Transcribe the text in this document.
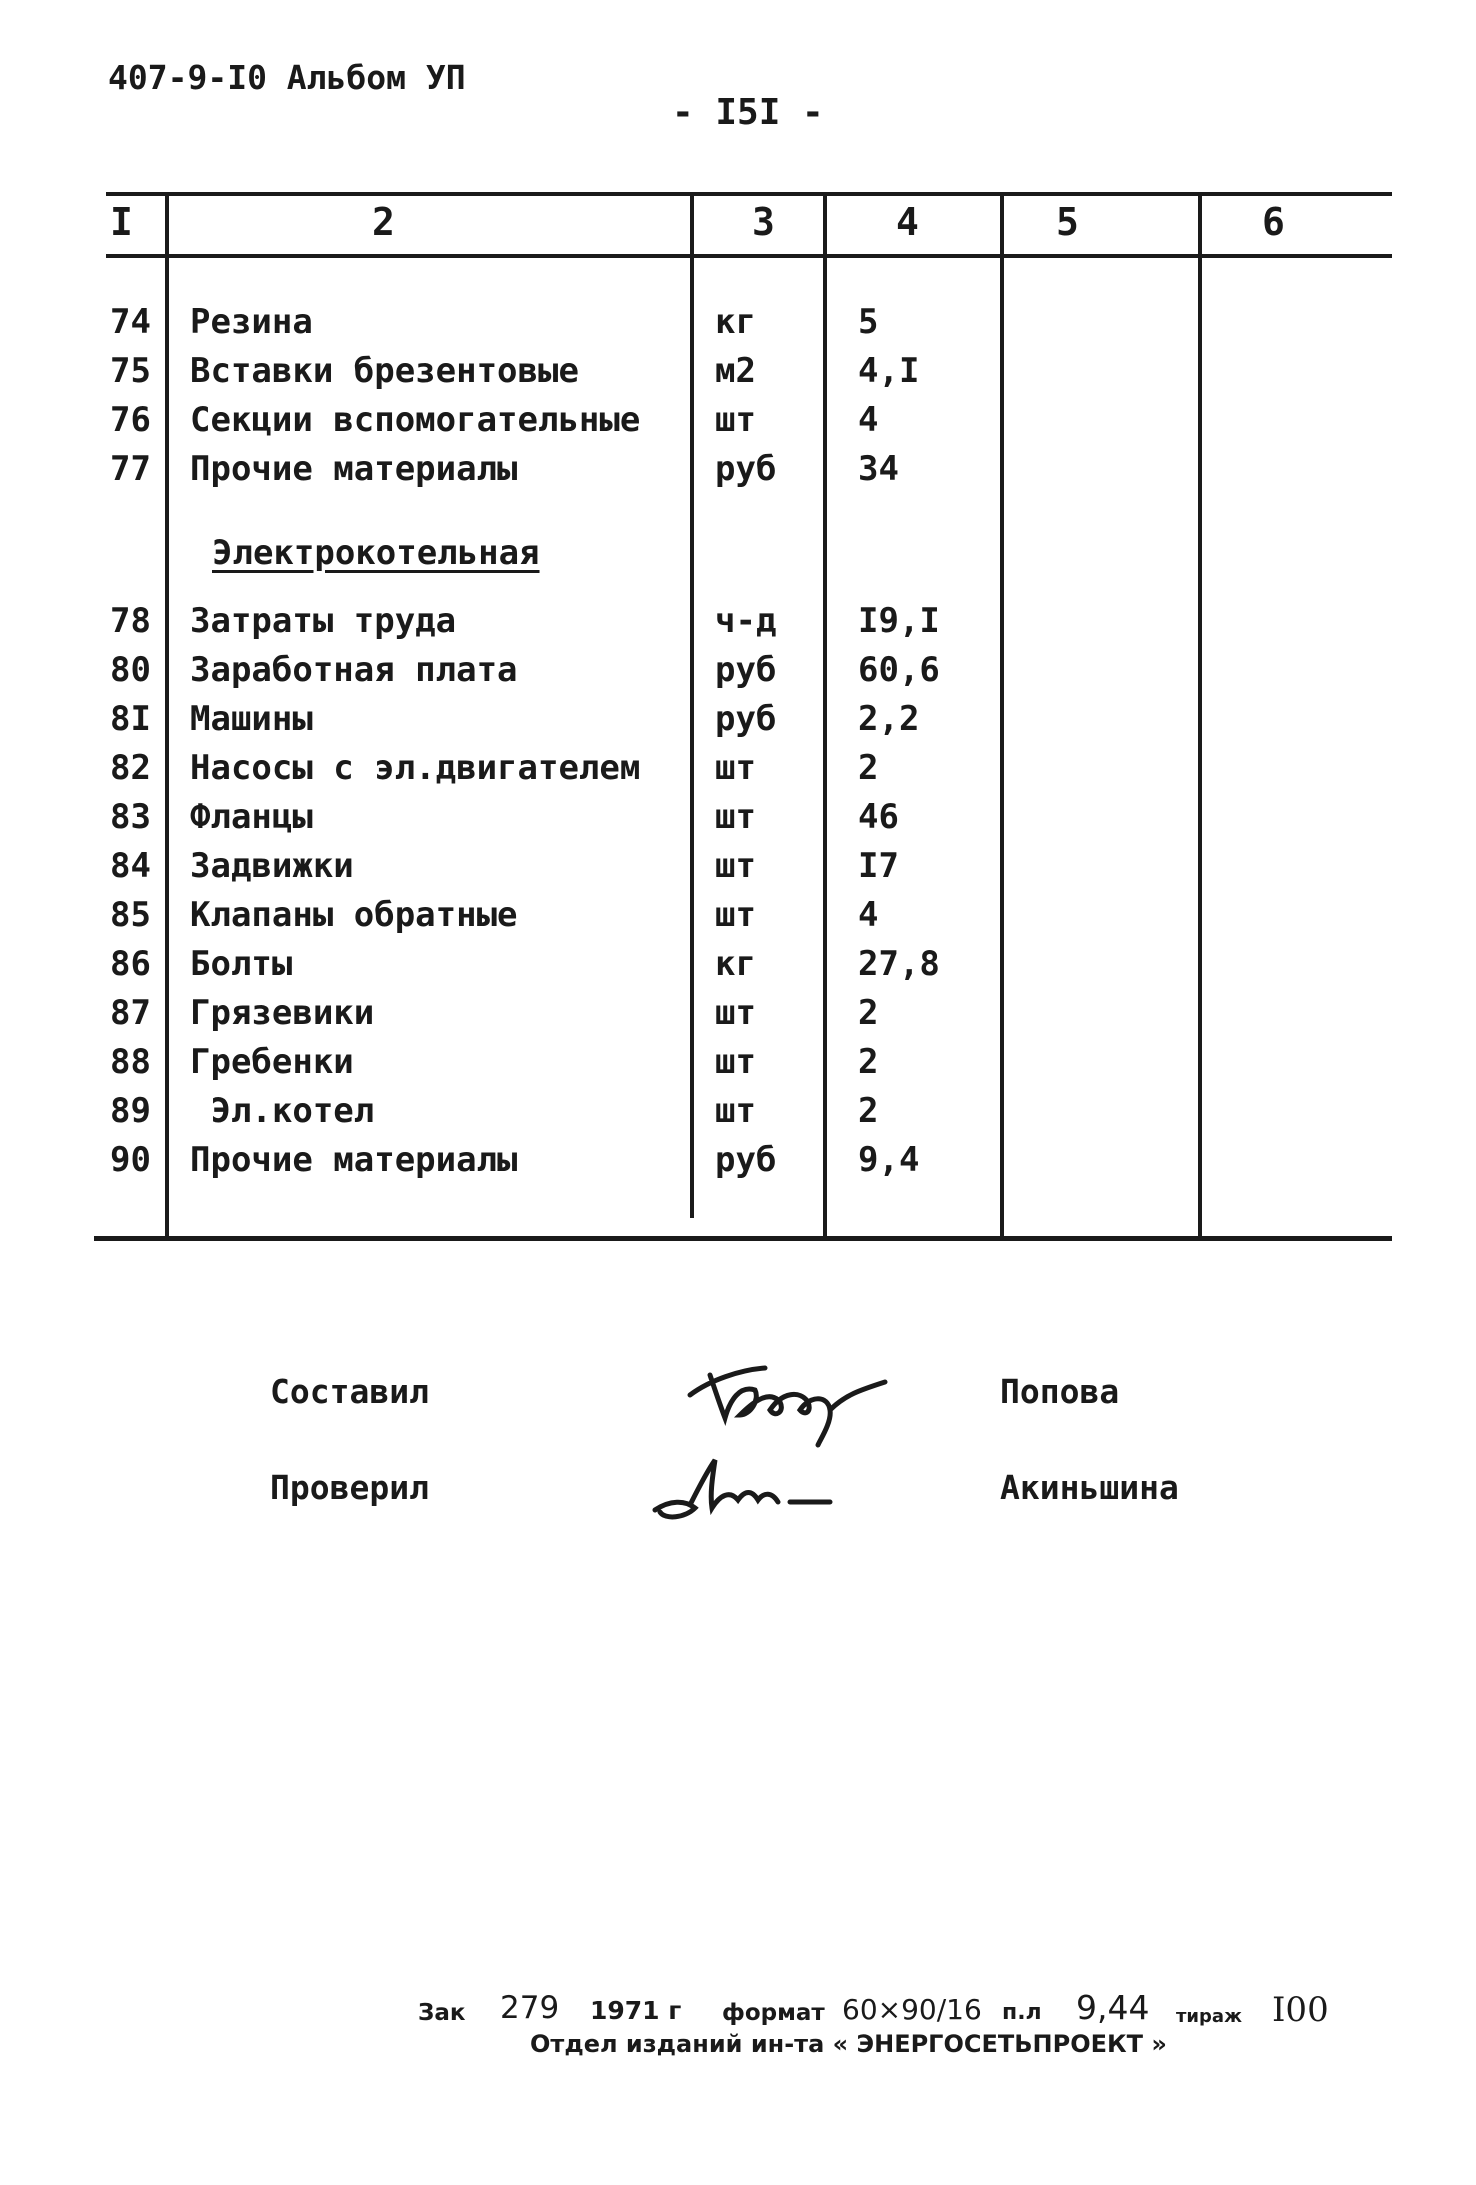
407-9-I0 Альбом УП
- I5I -
I	2	3	4	5	6
74 Резина	кг	5
75 Вставки брезентовые	м2	4,I
76 Секции вспомогательные шт	4
77 Прочие материалы	руб 34
Электрокотельная
78 Затраты труда	ч-д I9,I
80 Заработная плата	руб 60,6
8I Машины	руб 2,2
82 Насосы с эл.двигателем шт	2
83 Фланцы	шт	46
84 Задвижки	шт	I7
85 Клапаны обратные	шт	4
86 Болты	кг	27,8
87 Грязевики	шт	2
88 Гребенки	шт	2
89 Эл.котел	шт	2
90 Прочие материалы	руб 9,4
Составил	Попова
Проверил	Акиньшина
Зак 279 1971 г формат 60×90/16 п.л 9,44 тираж I00
Отдел изданий ин-та « ЭНЕРГОСЕТЬПРОЕКТ »
